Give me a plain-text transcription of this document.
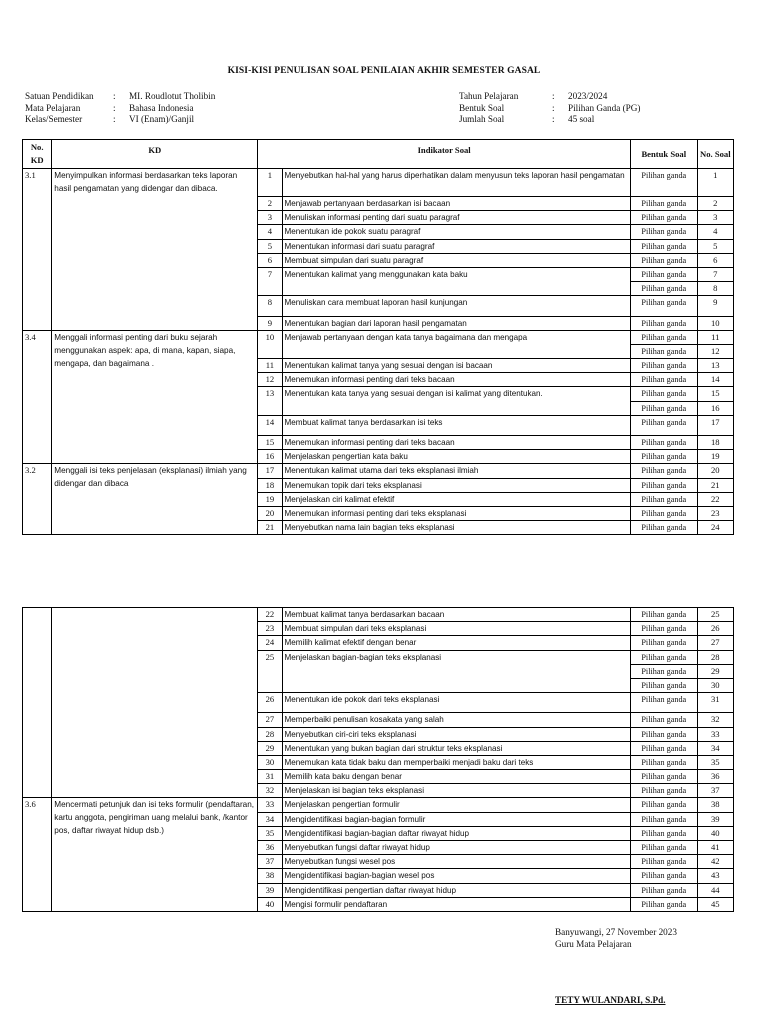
KISI-KISI PENULISAN SOAL PENILAIAN AKHIR SEMESTER GASAL
Satuan Pendidikan	:	MI. Roudlotut Tholibin
Mata Pelajaran	:	Bahasa Indonesia
Kelas/Semester	:	VI (Enam)/Ganjil
Tahun Pelajaran	:	2023/2024
Bentuk Soal	:	Pilihan Ganda (PG)
Jumlah Soal	:	45 soal
No. KD	KD	Indikator Soal		Bentuk Soal	No. Soal
3.1	Menyimpulkan informasi berdasarkan teks laporan hasil pengamatan yang didengar dan dibaca.	1	Menyebutkan hal-hal yang harus diperhatikan dalam menyusun teks laporan hasil pengamatan	Pilihan ganda	1
		2	Menjawab pertanyaan berdasarkan isi bacaan	Pilihan ganda	2
		3	Menuliskan informasi penting dari suatu paragraf	Pilihan ganda	3
		4	Menentukan ide pokok suatu paragraf	Pilihan ganda	4
		5	Menentukan informasi dari suatu paragraf	Pilihan ganda	5
		6	Membuat simpulan dari suatu paragraf	Pilihan ganda	6
		7	Menentukan kalimat yang menggunakan kata baku	Pilihan ganda	7
				Pilihan ganda	8
		8	Menuliskan cara membuat laporan hasil kunjungan	Pilihan ganda	9
		9	Menentukan bagian dari laporan hasil pengamatan	Pilihan ganda	10
3.4	Menggali informasi penting dari buku sejarah menggunakan aspek: apa, di mana, kapan, siapa, mengapa, dan bagaimana .	10	Menjawab pertanyaan dengan kata tanya bagaimana dan mengapa	Pilihan ganda	11
				Pilihan ganda	12
		11	Menentukan kalimat tanya yang sesuai dengan isi bacaan	Pilihan ganda	13
		12	Menemukan informasi penting dari teks bacaan	Pilihan ganda	14
		13	Menentukan kata tanya yang sesuai dengan isi kalimat yang ditentukan.	Pilihan ganda	15
				Pilihan ganda	16
		14	Membuat kalimat tanya berdasarkan isi teks	Pilihan ganda	17
		15	Menemukan informasi penting dari teks bacaan	Pilihan ganda	18
		16	Menjelaskan pengertian kata baku	Pilihan ganda	19
3.2	Menggali isi teks penjelasan (eksplanasi) ilmiah yang didengar dan dibaca	17	Menentukan kalimat utama dari teks eksplanasi ilmiah	Pilihan ganda	20
		18	Menemukan topik dari teks eksplanasi	Pilihan ganda	21
		19	Menjelaskan ciri kalimat efektif	Pilihan ganda	22
		20	Menemukan informasi penting dari teks eksplanasi	Pilihan ganda	23
		21	Menyebutkan nama lain bagian teks eksplanasi	Pilihan ganda	24
		22	Membuat kalimat tanya berdasarkan bacaan	Pilihan ganda	25
		23	Membuat simpulan dari teks eksplanasi	Pilihan ganda	26
		24	Memilih kalimat efektif dengan benar	Pilihan ganda	27
		25	Menjelaskan bagian-bagian teks eksplanasi	Pilihan ganda	28
				Pilihan ganda	29
				Pilihan ganda	30
		26	Menentukan ide pokok dari teks eksplanasi	Pilihan ganda	31
		27	Memperbaiki penulisan kosakata yang salah	Pilihan ganda	32
		28	Menyebutkan ciri-ciri teks eksplanasi	Pilihan ganda	33
		29	Menentukan yang bukan bagian dari struktur teks eksplanasi	Pilihan ganda	34
		30	Menemukan kata tidak baku dan memperbaiki menjadi baku dari teks	Pilihan ganda	35
		31	Memilih kata baku dengan benar	Pilihan ganda	36
		32	Menjelaskan isi bagian teks eksplanasi	Pilihan ganda	37
3.6	Mencermati petunjuk dan isi teks formulir (pendaftaran, kartu anggota, pengiriman uang melalui bank, /kantor pos, daftar riwayat hidup dsb.)	33	Menjelaskan pengertian formulir	Pilihan ganda	38
		34	Mengidentifikasi bagian-bagian formulir	Pilihan ganda	39
		35	Mengidentifikasi bagian-bagian daftar riwayat hidup	Pilihan ganda	40
		36	Menyebutkan fungsi daftar riwayat hidup	Pilihan ganda	41
		37	Menyebutkan fungsi wesel pos	Pilihan ganda	42
		38	Mengidentifikasi bagian-bagian wesel pos	Pilihan ganda	43
		39	Mengidentifikasi pengertian daftar riwayat hidup	Pilihan ganda	44
		40	Mengisi formulir pendaftaran	Pilihan ganda	45
Banyuwangi, 27 November 2023
Guru Mata Pelajaran
TETY WULANDARI, S.Pd.
